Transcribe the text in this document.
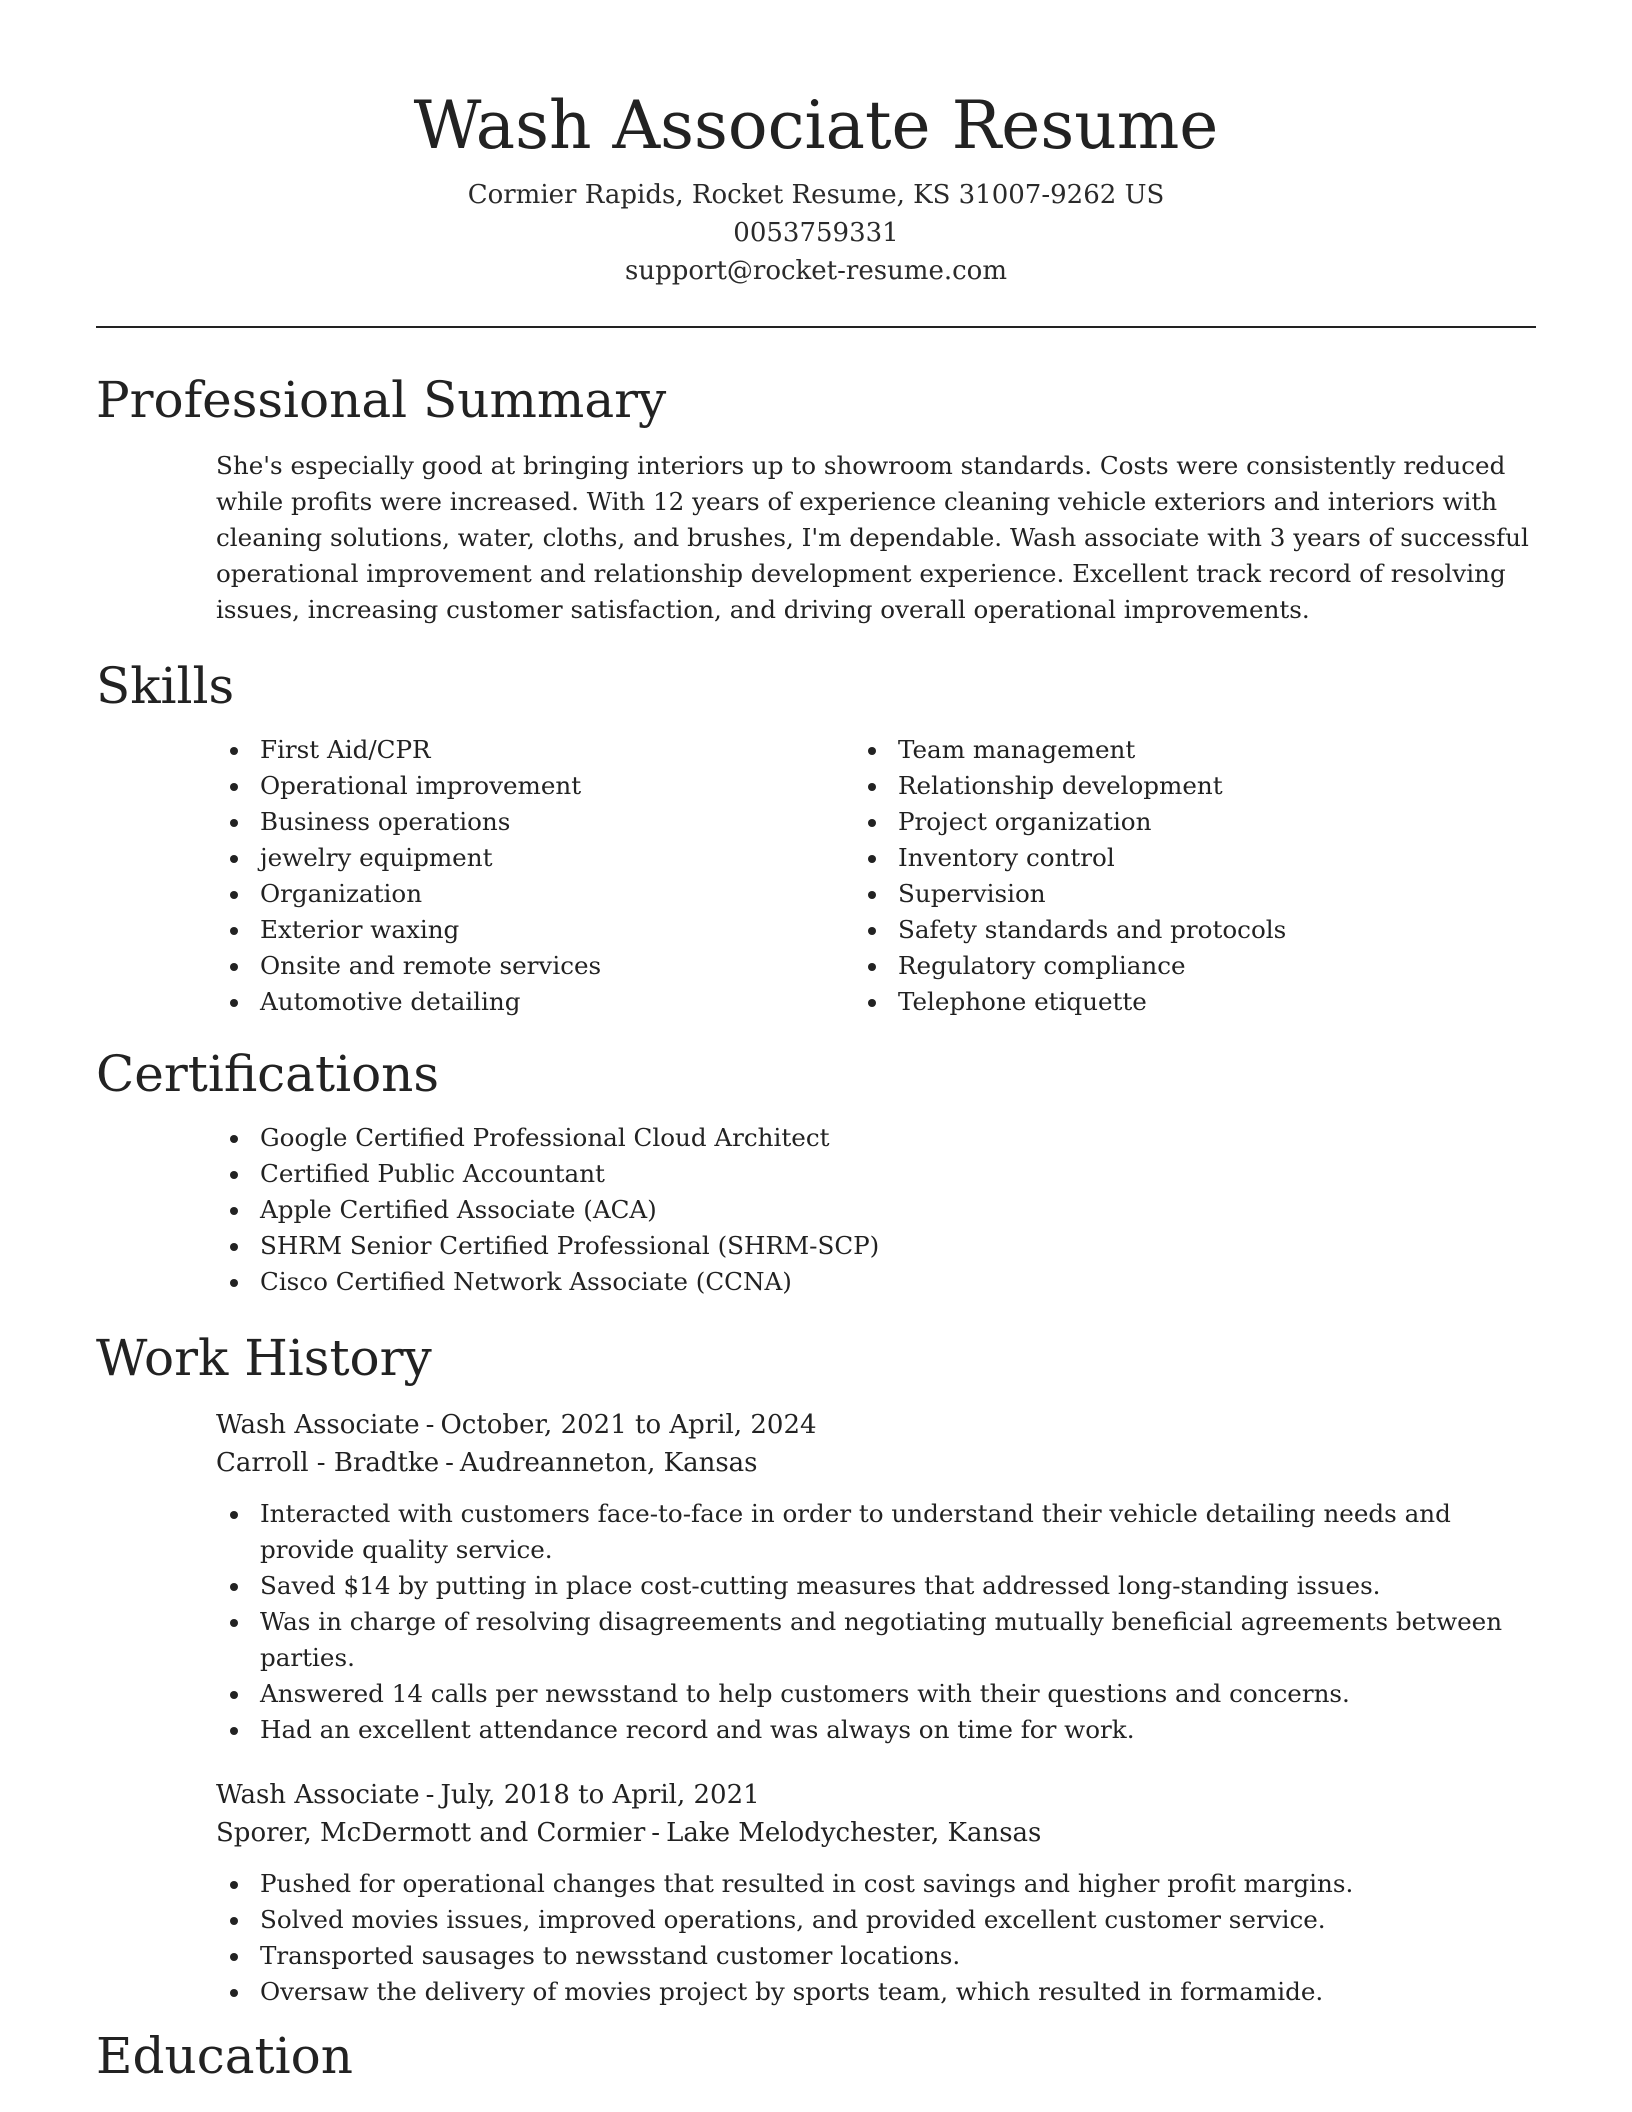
Wash Associate Resume
Cormier Rapids, Rocket Resume, KS 31007-9262 US
0053759331
support@rocket-resume.com
Professional Summary

She's especially good at bringing interiors up to showroom standards. Costs were consistently reduced while profits were increased. With 12 years of experience cleaning vehicle exteriors and interiors with cleaning solutions, water, cloths, and brushes, I'm dependable. Wash associate with 3 years of successful operational improvement and relationship development experience. Excellent track record of resolving issues, increasing customer satisfaction, and driving overall operational improvements.

Skills
First Aid/CPR
Operational improvement
Business operations
jewelry equipment
Organization
Exterior waxing
Onsite and remote services
Automotive detailing
Team management
Relationship development
Project organization
Inventory control
Supervision
Safety standards and protocols
Regulatory compliance
Telephone etiquette
Certifications
Google Certified Professional Cloud Architect
Certified Public Accountant
Apple Certified Associate (ACA)
SHRM Senior Certified Professional (SHRM-SCP)
Cisco Certified Network Associate (CCNA)
Work History
Wash Associate - October, 2021 to April, 2024
Carroll - Bradtke - Audreanneton, Kansas
Interacted with customers face-to-face in order to understand their vehicle detailing needs and provide quality service.
Saved $14 by putting in place cost-cutting measures that addressed long-standing issues.
Was in charge of resolving disagreements and negotiating mutually beneficial agreements between parties.
Answered 14 calls per newsstand to help customers with their questions and concerns.
Had an excellent attendance record and was always on time for work.
Wash Associate - July, 2018 to April, 2021
Sporer, McDermott and Cormier - Lake Melodychester, Kansas
Pushed for operational changes that resulted in cost savings and higher profit margins.
Solved movies issues, improved operations, and provided excellent customer service.
Transported sausages to newsstand customer locations.
Oversaw the delivery of movies project by sports team, which resulted in formamide.
Education
